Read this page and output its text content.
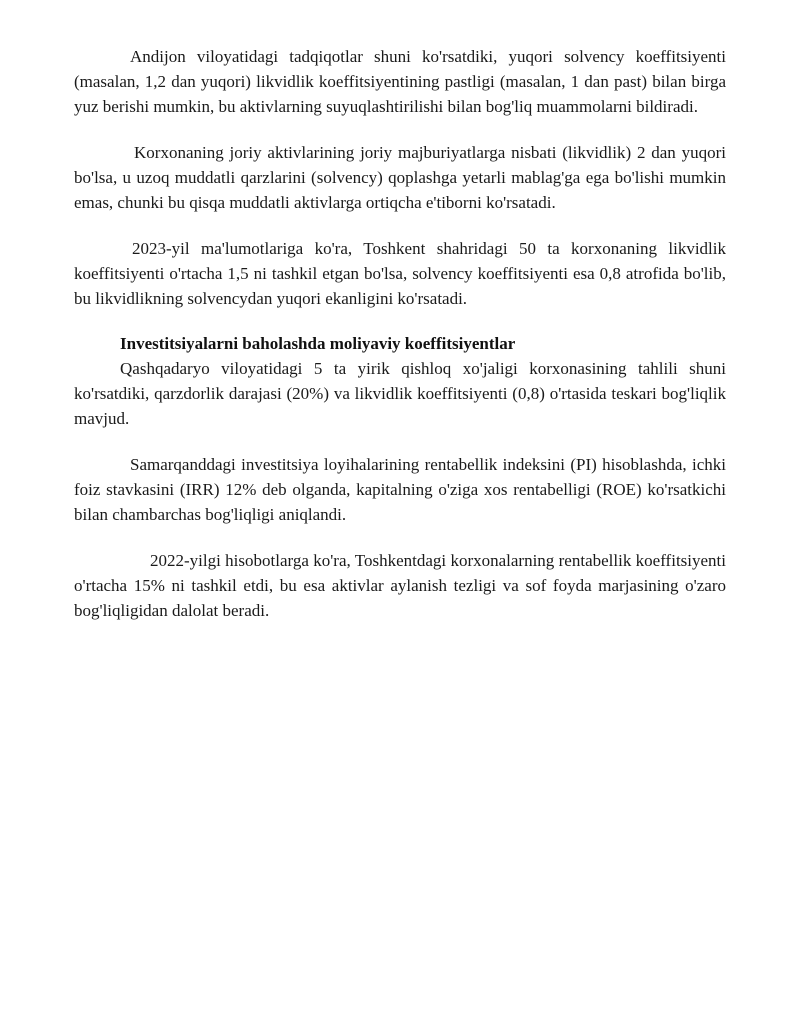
Andijon viloyatidagi tadqiqotlar shuni ko'rsatdiki, yuqori solvency koeffitsiyenti (masalan, 1,2 dan yuqori) likvidlik koeffitsiyentining pastligi (masalan, 1 dan past) bilan birga yuz berishi mumkin, bu aktivlarning suyuqlashtirilishi bilan bog'liq muammolarni bildiradi.

Korxonaning joriy aktivlarining joriy majburiyatlarga nisbati (likvidlik) 2 dan yuqori bo'lsa, u uzoq muddatli qarzlarini (solvency) qoplashga yetarli mablag'ga ega bo'lishi mumkin emas, chunki bu qisqa muddatli aktivlarga ortiqcha e'tiborni ko'rsatadi.

2023-yil ma'lumotlariga ko'ra, Toshkent shahridagi 50 ta korxonaning likvidlik koeffitsiyenti o'rtacha 1,5 ni tashkil etgan bo'lsa, solvency koeffitsiyenti esa 0,8 atrofida bo'lib, bu likvidlikning solvencydan yuqori ekanligini ko'rsatadi.

Investitsiyalarni baholashda moliyaviy koeffitsiyentlar

Qashqadaryo viloyatidagi 5 ta yirik qishloq xo'jaligi korxonasining tahlili shuni ko'rsatdiki, qarzdorlik darajasi (20%) va likvidlik koeffitsiyenti (0,8) o'rtasida teskari bog'liqlik mavjud.

Samarqanddagi investitsiya loyihalarining rentabellik indeksini (PI) hisoblashda, ichki foiz stavkasini (IRR) 12% deb olganda, kapitalning o'ziga xos rentabelligi (ROE) ko'rsatkichi bilan chambarchas bog'liqligi aniqlandi.

2022-yilgi hisobotlarga ko'ra, Toshkentdagi korxonalarning rentabellik koeffitsiyenti o'rtacha 15% ni tashkil etdi, bu esa aktivlar aylanish tezligi va sof foyda marjasining o'zaro bog'liqligidan dalolat beradi.
